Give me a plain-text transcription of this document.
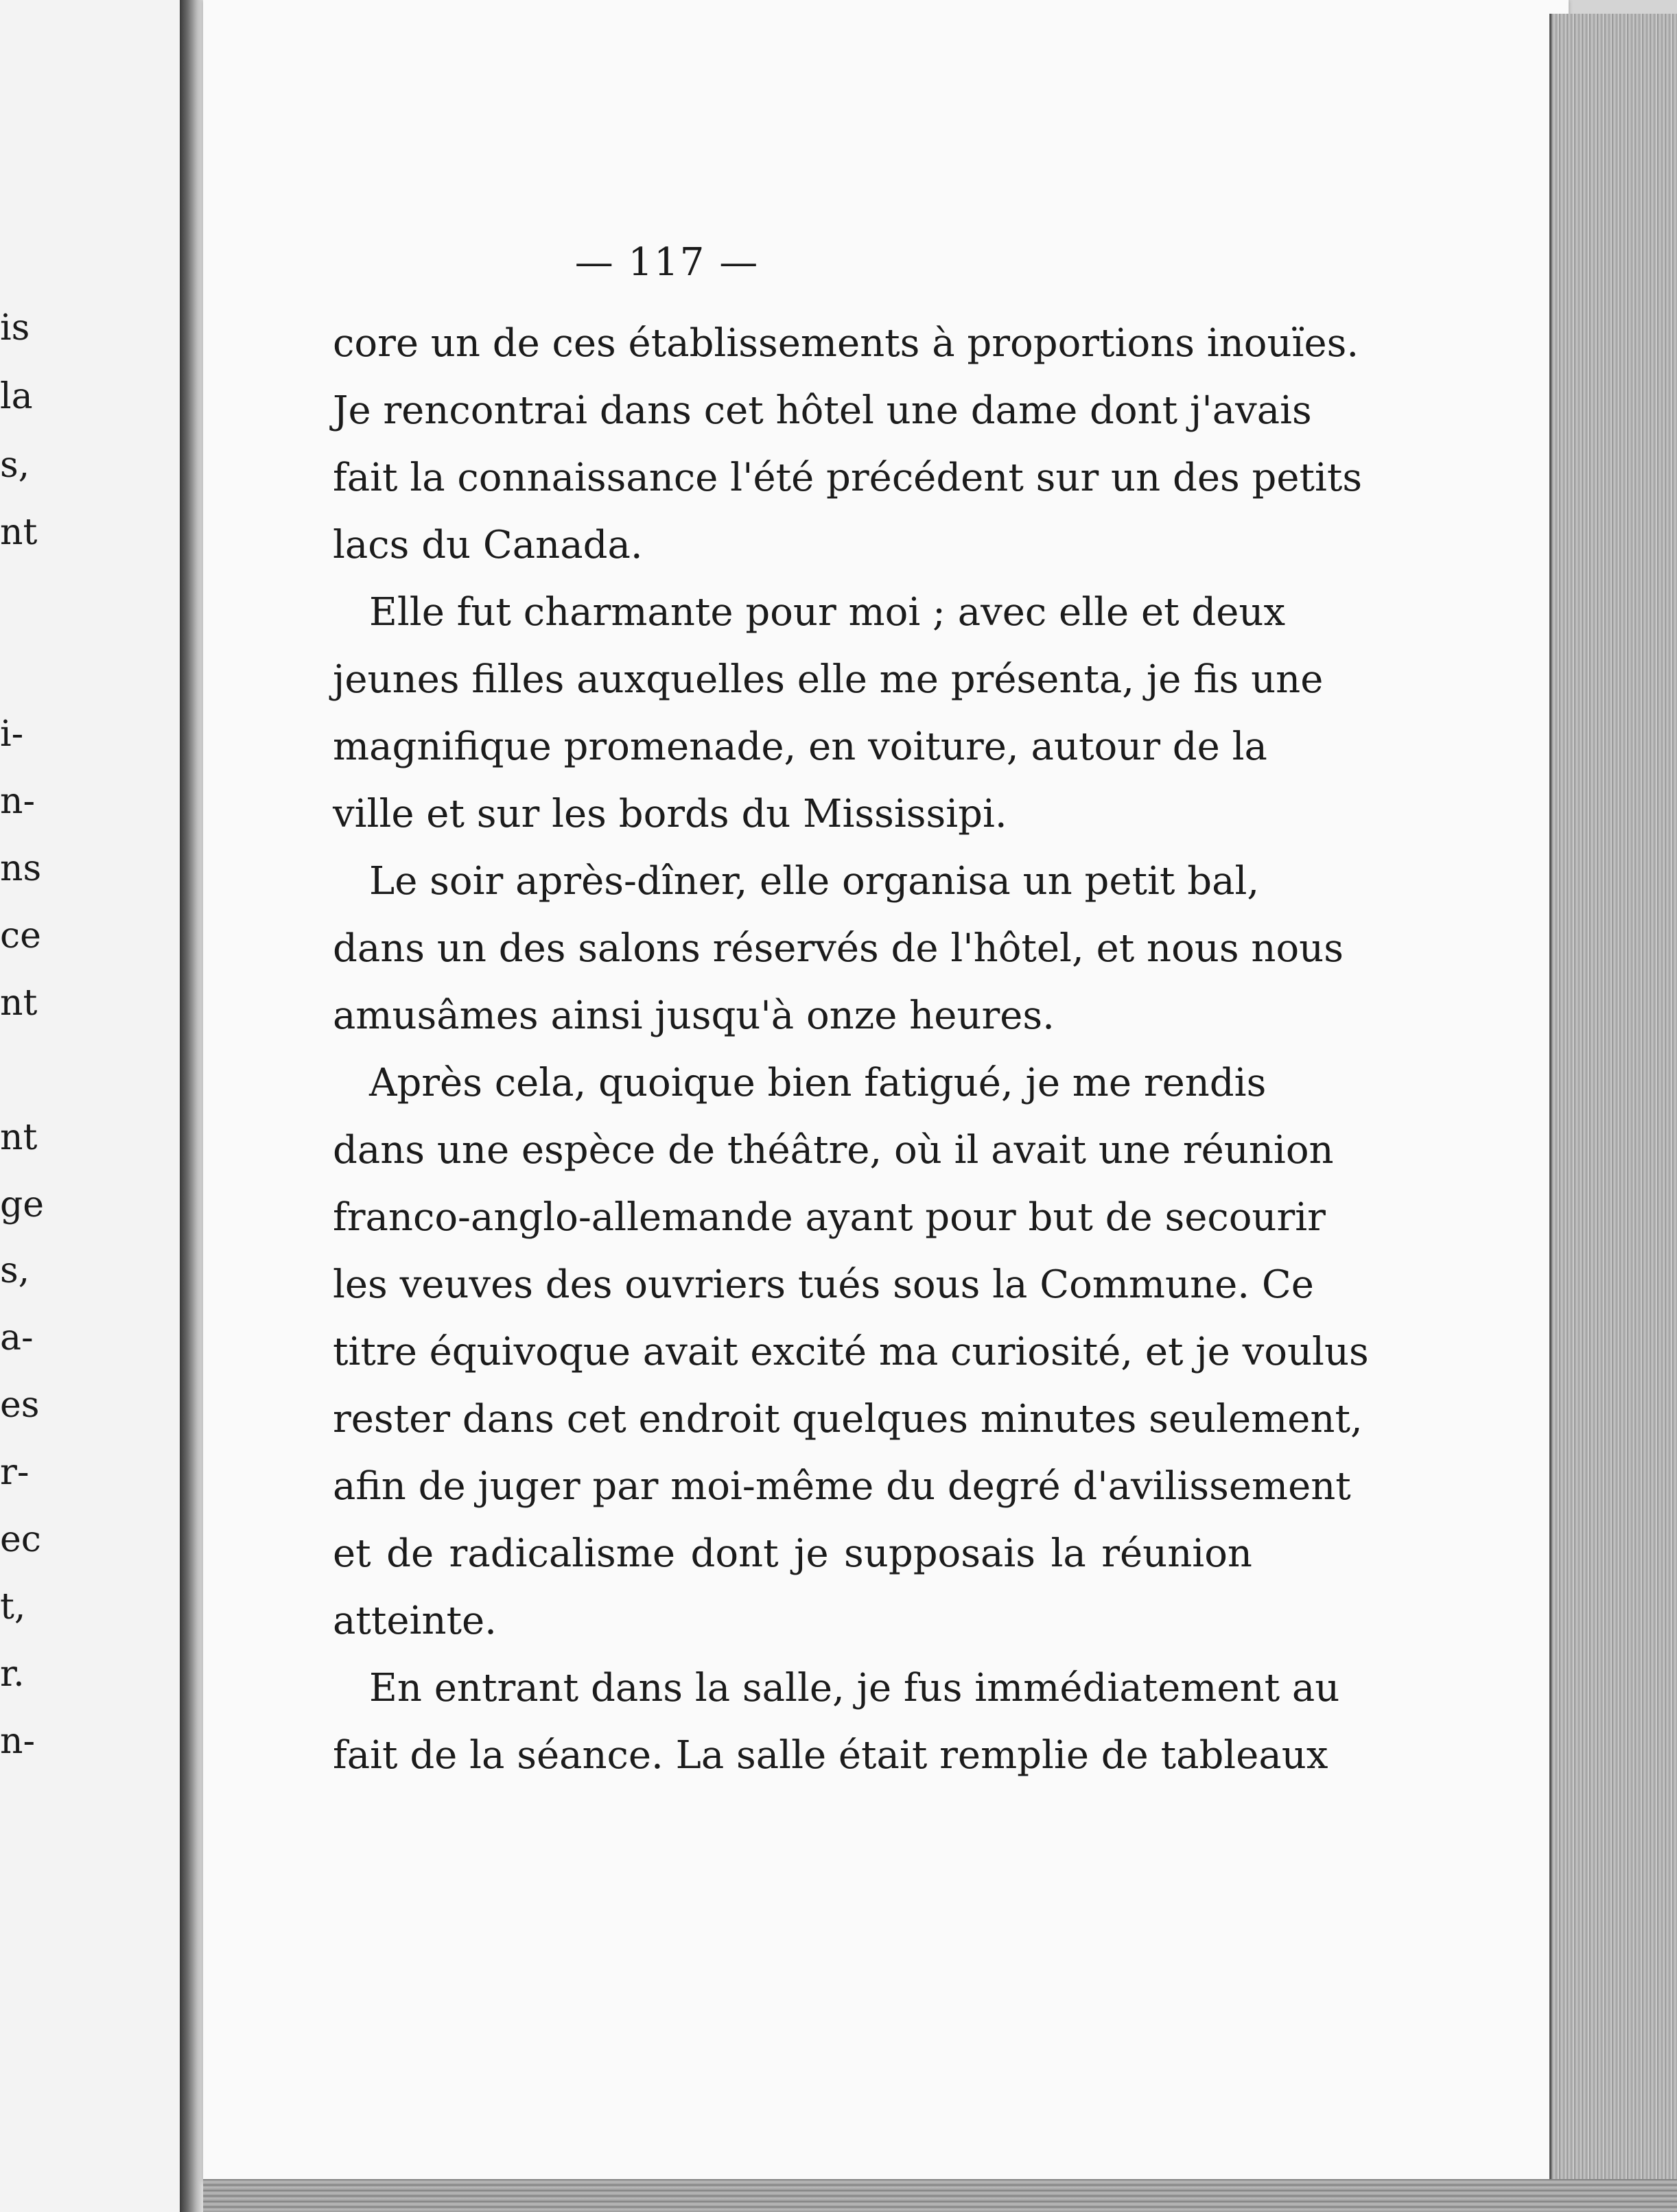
is
la
s,
nt
i-
n-
ns
ce
nt
nt
ge
s,
a-
es
r-
ec
t,
r.
n-
— 117 —
core un de ces établissements à proportions inouïes.
Je rencontrai dans cet hôtel une dame dont j'avais
fait la connaissance l'été précédent sur un des petits
lacs du Canada.
Elle fut charmante pour moi ; avec elle et deux
jeunes filles auxquelles elle me présenta, je fis une
magnifique promenade, en voiture, autour de la
ville et sur les bords du Mississipi.
Le soir après-dîner, elle organisa un petit bal,
dans un des salons réservés de l'hôtel, et nous nous
amusâmes ainsi jusqu'à onze heures.
Après cela, quoique bien fatigué, je me rendis
dans une espèce de théâtre, où il avait une réunion
franco-anglo-allemande ayant pour but de secourir
les veuves des ouvriers tués sous la Commune. Ce
titre équivoque avait excité ma curiosité, et je voulus
rester dans cet endroit quelques minutes seulement,
afin de juger par moi-même du degré d'avilissement
et de radicalisme dont je supposais la réunion
atteinte.
En entrant dans la salle, je fus immédiatement au
fait de la séance. La salle était remplie de tableaux
